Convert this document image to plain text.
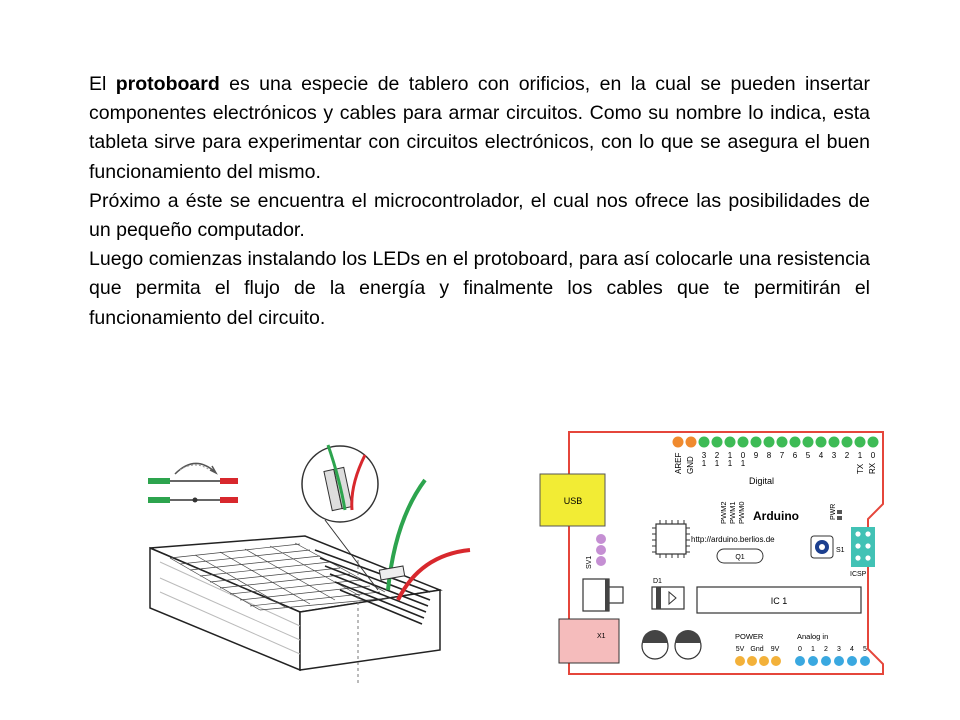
El protoboard es una especie de tablero con orificios, en la cual se pueden insertar componentes electrónicos y cables para armar circuitos. Como su nombre lo indica, esta tableta sirve para experimentar con circuitos electrónicos, con lo que se asegura el buen funcionamiento del mismo.

Próximo a éste se encuentra el microcontrolador, el cual nos ofrece las posibilidades de un pequeño computador.

Luego comienzas instalando los LEDs en el protoboard, para así colocarle una resistencia que permita el flujo de la energía y finalmente los cables que te permitirán el funcionamiento del circuito.

AREF GND 1 1 1 1
3 2 1 0 9 8 7 6 5 4 3 2 1 0
TX RX
Digital
USB
PWM2 PWM1 PWM0 Arduino	PWR
http://arduino.berlios.de
Q1
S1
ICSP
SV1
D1
IC 1
X1	POWER
5V Gnd 9V
Analog in
0 1 2 3 4 5
